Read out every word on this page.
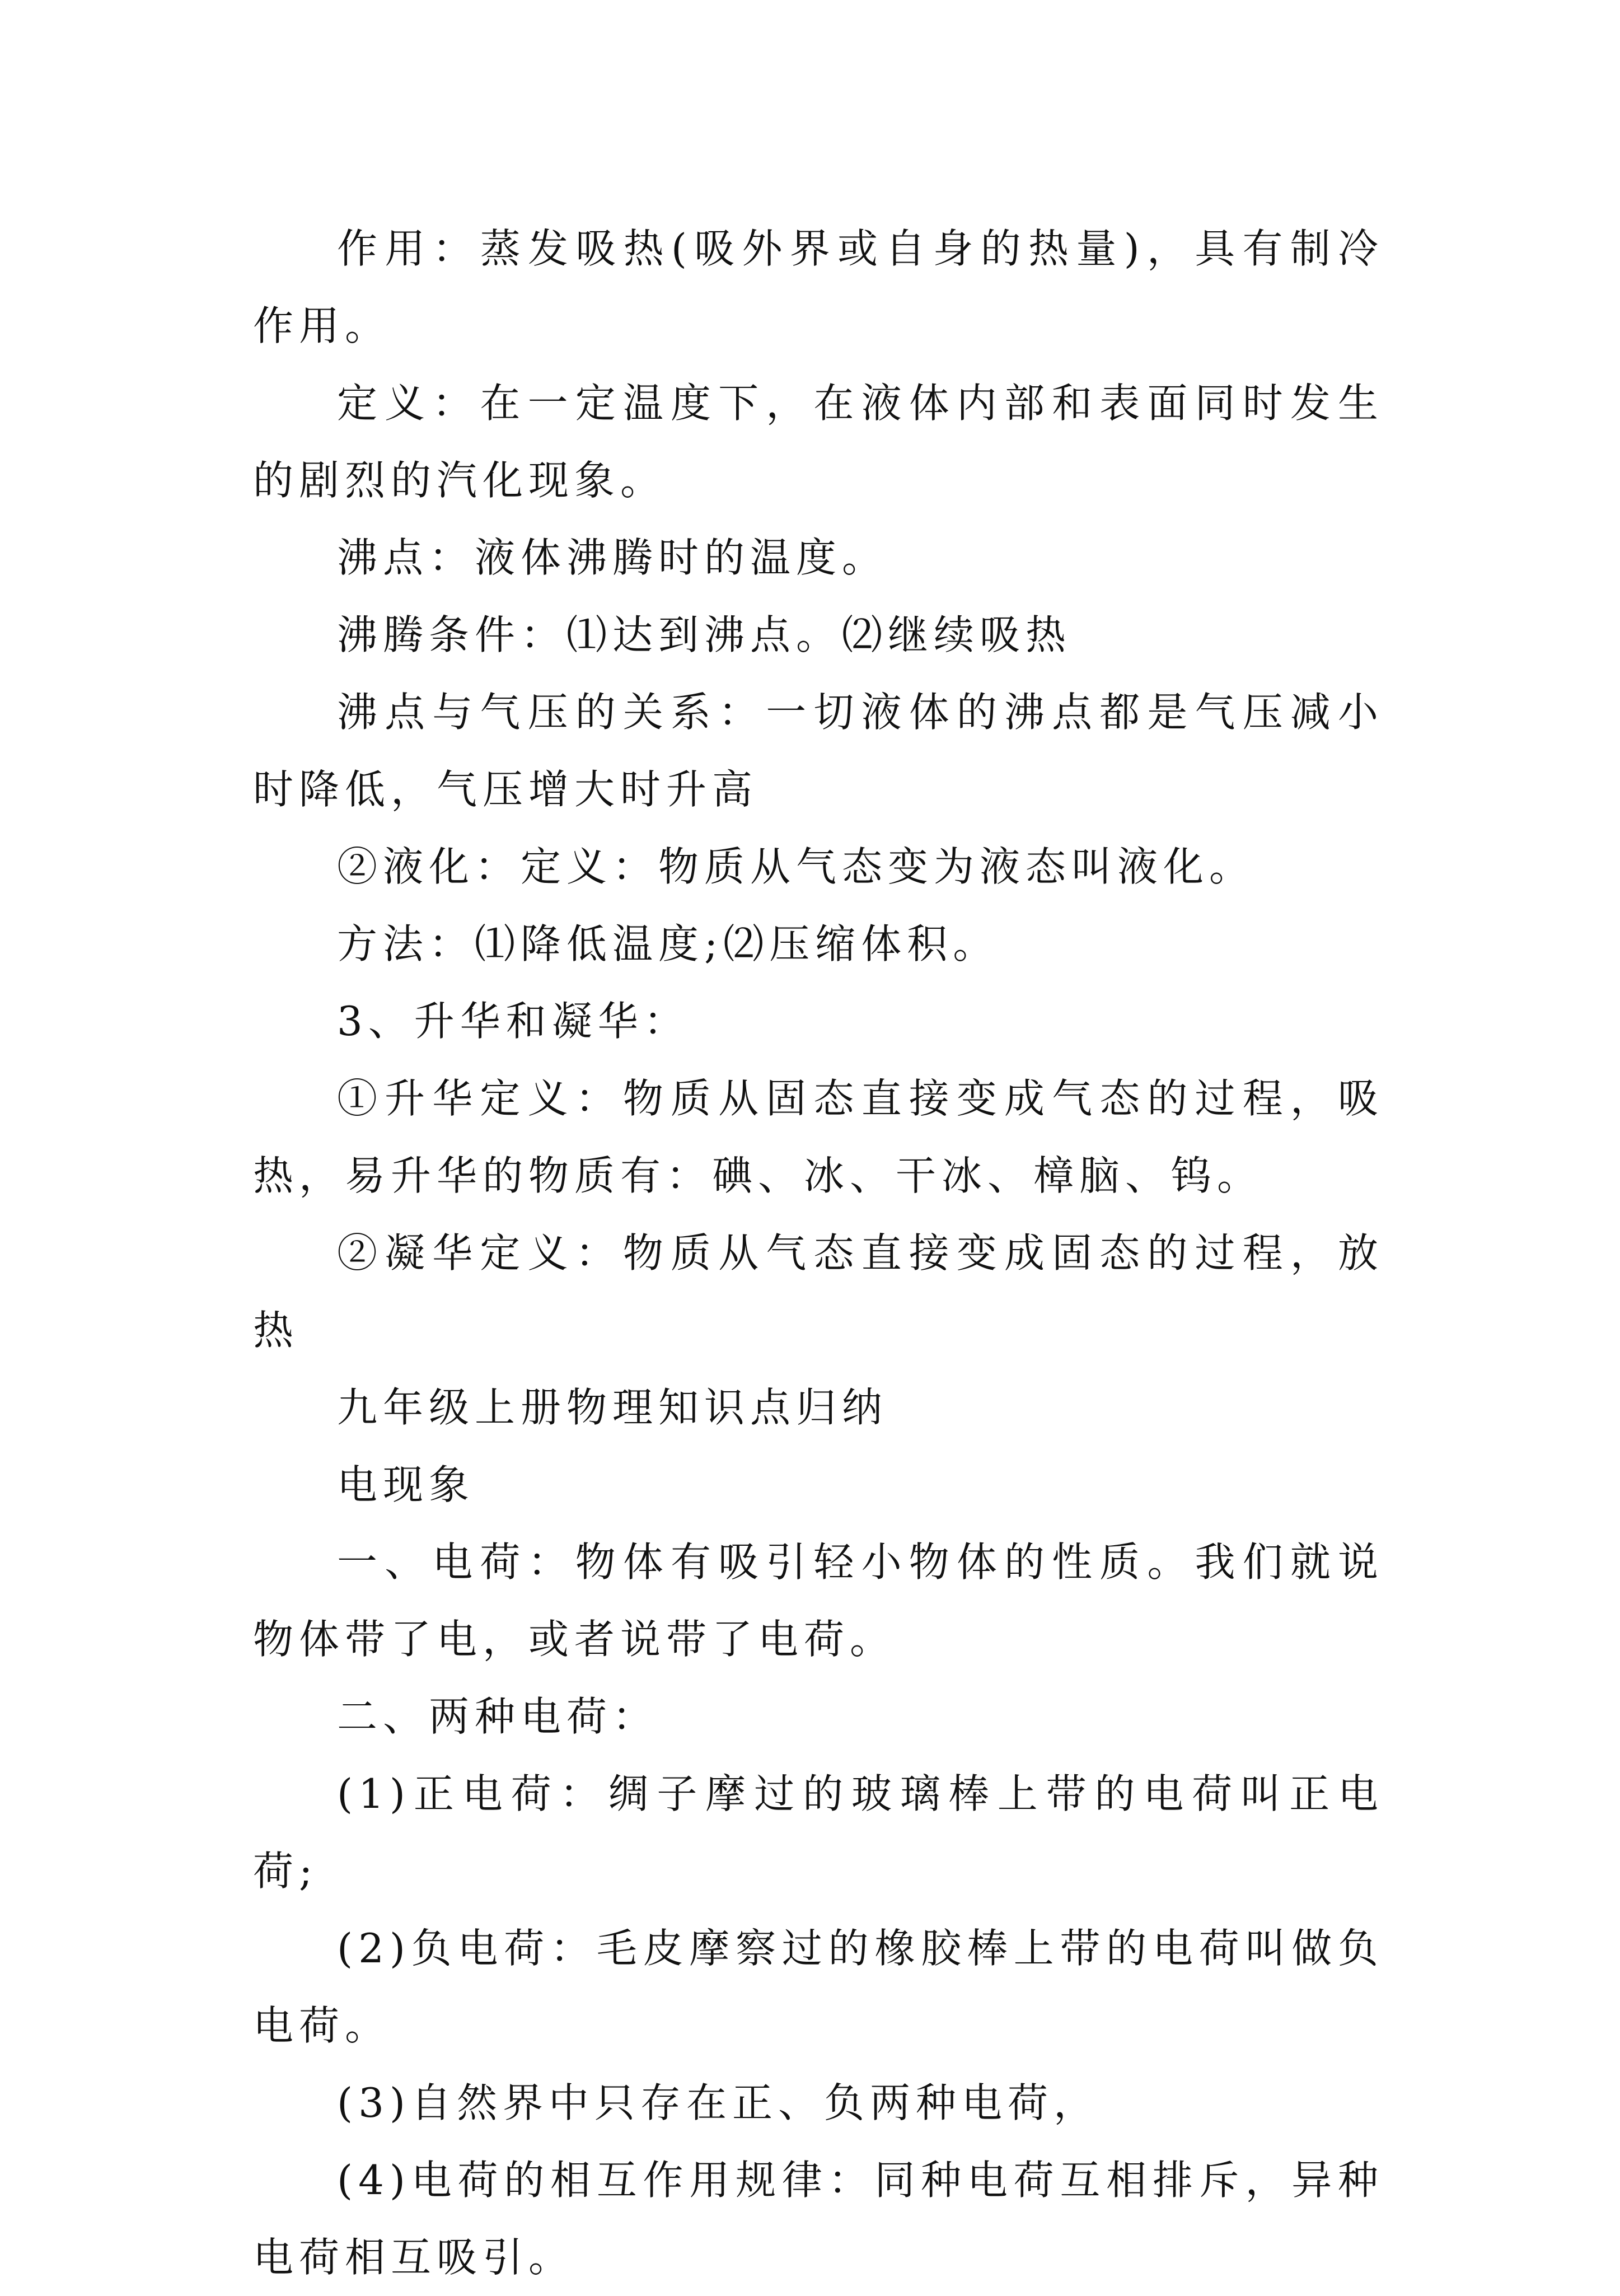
作用：蒸发吸热(吸外界或自身的热量)，具有制冷作用。

定义：在一定温度下，在液体内部和表面同时发生的剧烈的汽化现象。

沸点：液体沸腾时的温度。

沸腾条件：⑴达到沸点。⑵继续吸热

沸点与气压的关系：一切液体的沸点都是气压减小时降低，气压增大时升高

②液化：定义：物质从气态变为液态叫液化。

方法：⑴降低温度;⑵压缩体积。

3、升华和凝华：

①升华定义：物质从固态直接变成气态的过程，吸热，易升华的物质有：碘、冰、干冰、樟脑、钨。

②凝华定义：物质从气态直接变成固态的过程，放热

九年级上册物理知识点归纳

电现象

一、电荷：物体有吸引轻小物体的性质。我们就说物体带了电，或者说带了电荷。

二、两种电荷：

(1)正电荷：绸子摩过的玻璃棒上带的电荷叫正电荷;

(2)负电荷：毛皮摩察过的橡胶棒上带的电荷叫做负电荷。

(3)自然界中只存在正、负两种电荷，

(4)电荷的相互作用规律：同种电荷互相排斥，异种电荷相互吸引。
